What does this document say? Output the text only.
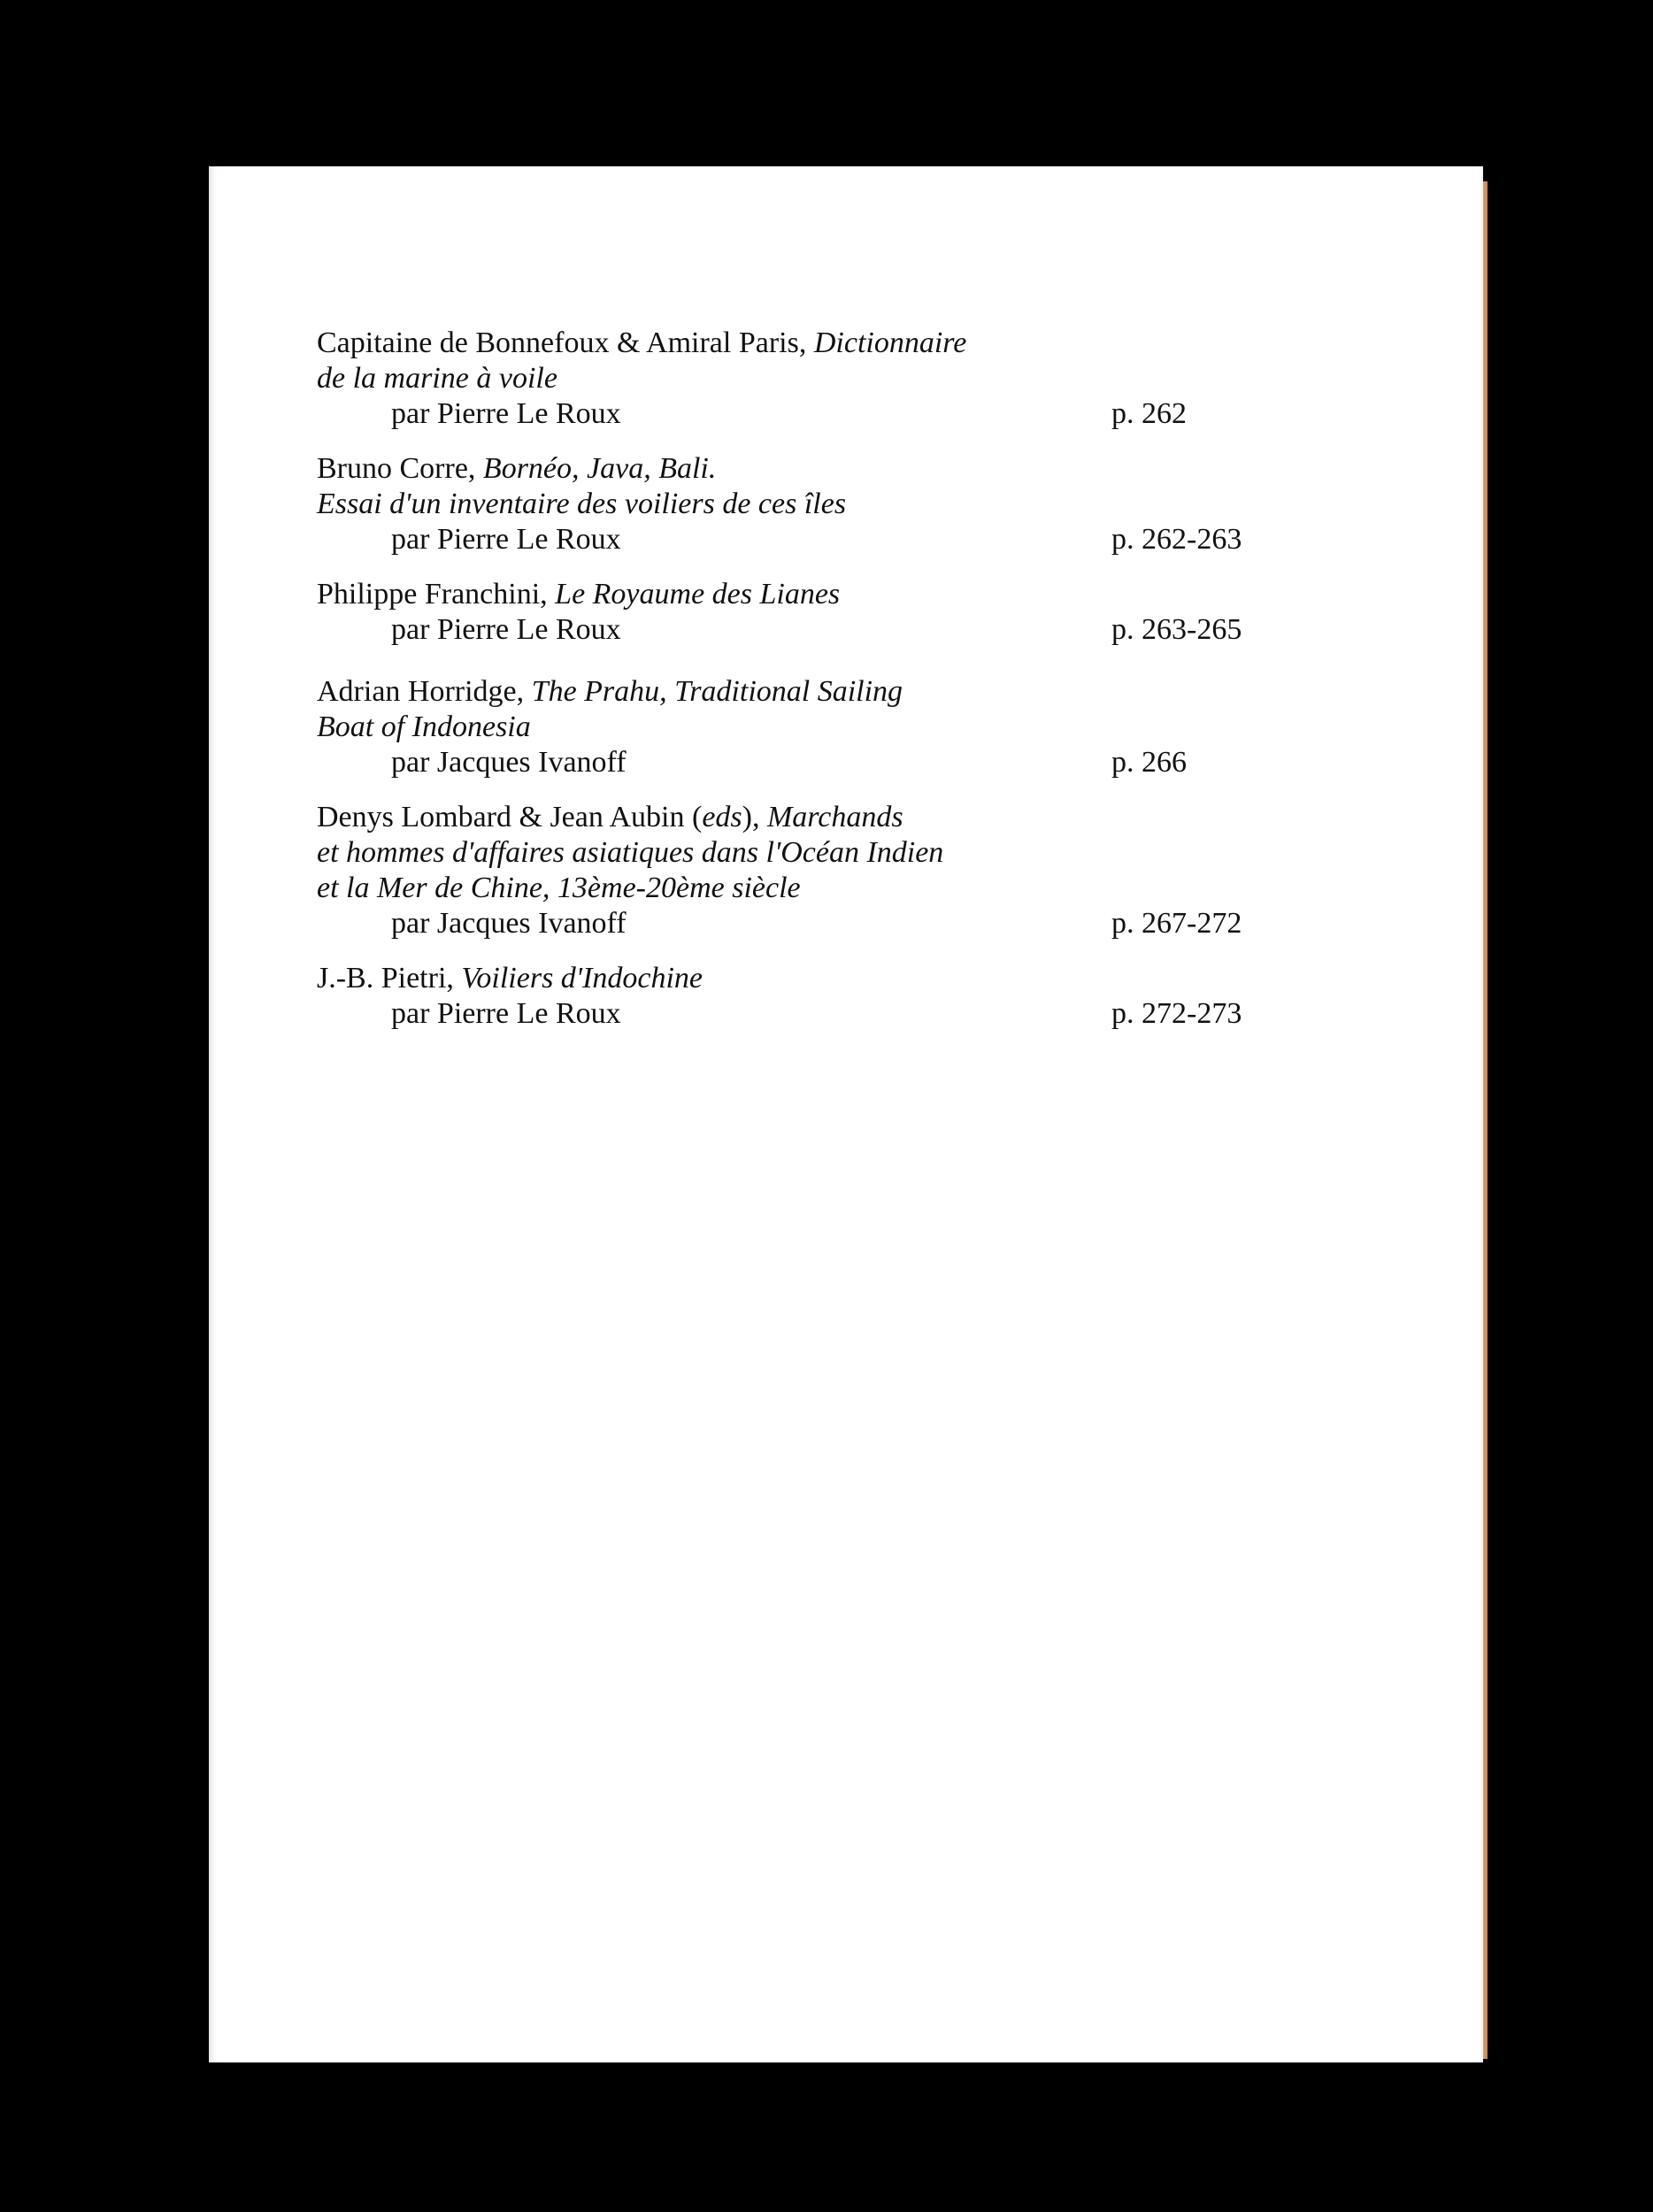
Capitaine de Bonnefoux & Amiral Paris, Dictionnaire
de la marine à voile
par Pierre Le Roux	p. 262
Bruno Corre, Bornéo, Java, Bali.
Essai d'un inventaire des voiliers de ces îles
par Pierre Le Roux	p. 262-263
Philippe Franchini, Le Royaume des Lianes
par Pierre Le Roux	p. 263-265
Adrian Horridge, The Prahu, Traditional Sailing
Boat of Indonesia
par Jacques Ivanoff	p. 266
Denys Lombard & Jean Aubin (eds), Marchands
et hommes d'affaires asiatiques dans l'Océan Indien
et la Mer de Chine, 13ème-20ème siècle
par Jacques Ivanoff	p. 267-272
J.-B. Pietri, Voiliers d'Indochine
par Pierre Le Roux	p. 272-273
